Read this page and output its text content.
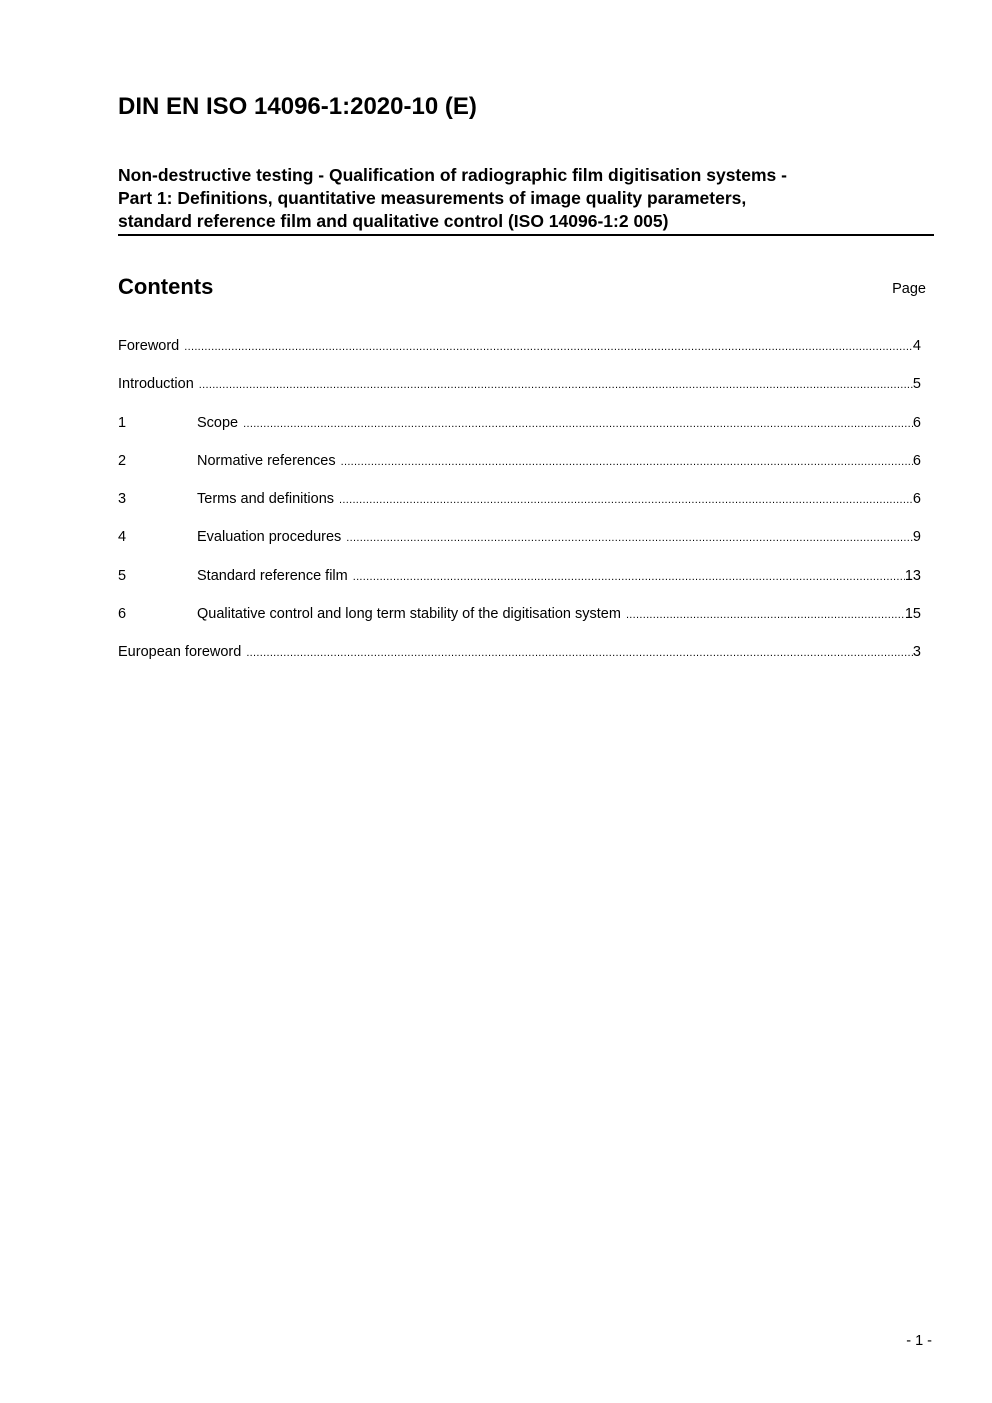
DIN EN ISO 14096-1:2020-10 (E)
Non-destructive testing - Qualification of radiographic film digitisation systems -
Part 1: Definitions, quantitative measurements of image quality parameters,
standard reference film and qualitative control (ISO 14096-1:2 005)
Contents	Page
Foreword .....	4
Introduction .....	5
1	Scope .....	6
2	Normative references .....	6
3	Terms and definitions .....	6
4	Evaluation procedures .....	9
5	Standard reference film .....	13
6	Qualitative control and long term stability of the digitisation system .....	15
European foreword .....	3
- 1 -
